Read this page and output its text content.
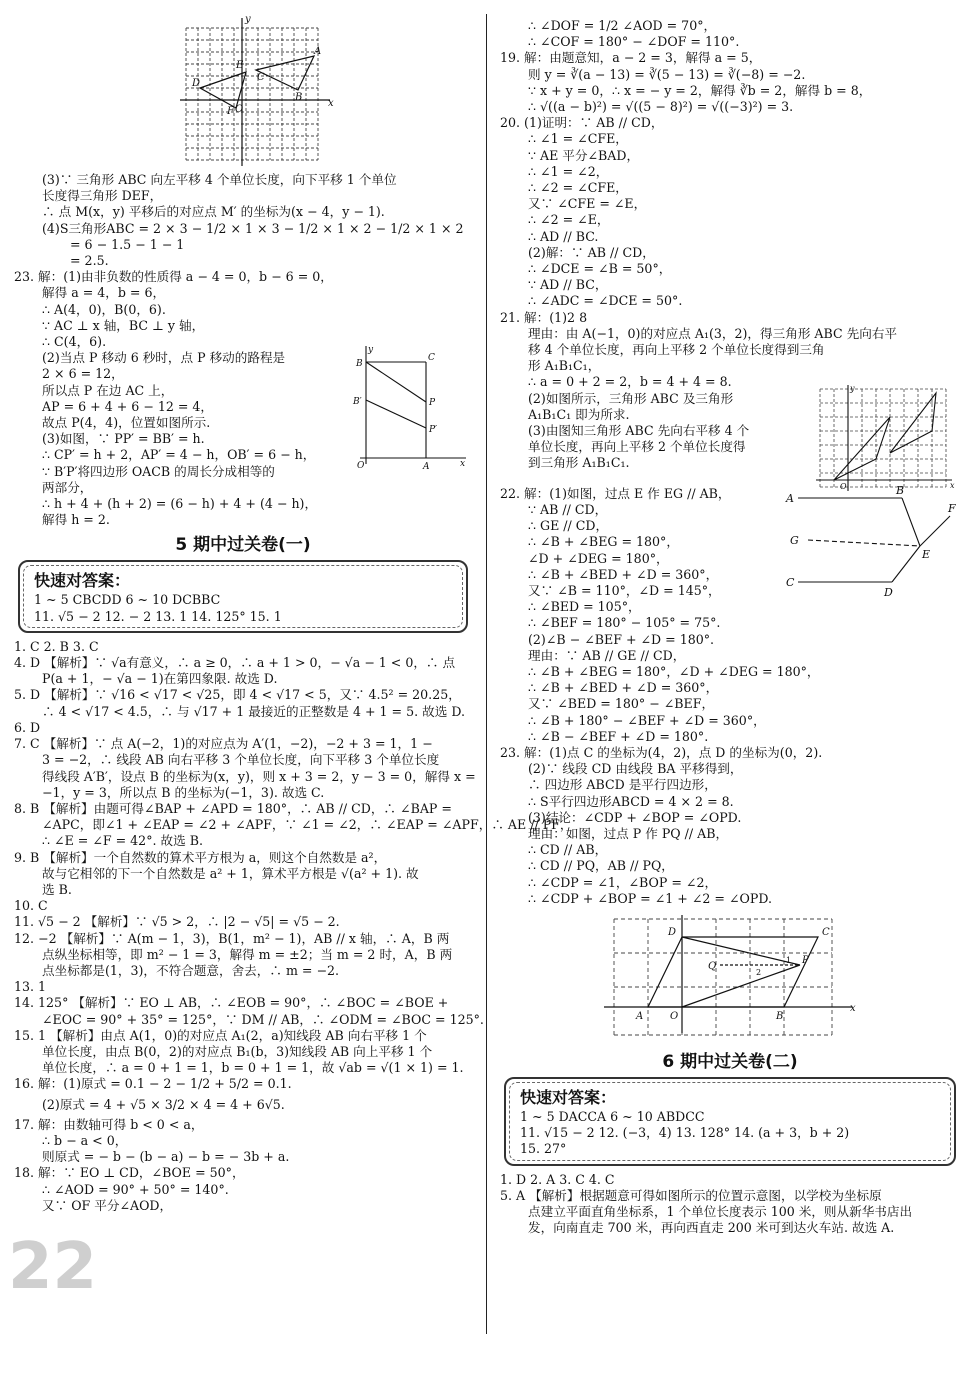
y
x
A
B
C
D
E
F O
(3)∵ 三角形 ABC 向左平移 4 个单位长度，向下平移 1 个单位
长度得三角形 DEF，
∴ 点 M(x，y) 平移后的对应点 M′ 的坐标为(x − 4，y − 1).
(4)S三角形ABC = 2 × 3 − 1/2 × 1 × 3 − 1/2 × 1 × 2 − 1/2 × 1 × 2
= 6 − 1.5 − 1 − 1
= 2.5.
23. 解：(1)由非负数的性质得 a − 4 = 0，b − 6 = 0，
解得 a = 4，b = 6，
∴ A(4，0)，B(0，6).
∵ AC ⊥ x 轴，BC ⊥ y 轴，
∴ C(4，6).
(2)当点 P 移动 6 秒时，点 P 移动的路程是
2 × 6 = 12，
所以点 P 在边 AC 上，
AP = 6 + 4 + 6 − 12 = 4，
故点 P(4，4)，位置如图所示.
(3)如图，∵ PP′ = BB′ = h.
∴ CP′ = h + 2，AP′ = 4 − h，OB′ = 6 − h，
∵ B′P′将四边形 OACB 的周长分成相等的
两部分，
∴ h + 4 + (h + 2) = (6 − h) + 4 + (4 − h)，
解得 h = 2.
y
x
O	A
B
C
P
B′
P′
5 期中过关卷(一)
快速对答案：
1 ~ 5 CBCDD 6 ~ 10 DCBBC
11. √5 − 2 12. − 2 13. 1 14. 125° 15. 1
1. C 2. B 3. C
4. D 【解析】∵ √a有意义，∴ a ≥ 0，∴ a + 1 > 0，− √a − 1 < 0，∴ 点
P(a + 1，− √a − 1)在第四象限. 故选 D.
5. D 【解析】∵ √16 < √17 < √25，即 4 < √17 < 5，又∵ 4.5² = 20.25，
∴ 4 < √17 < 4.5，∴ 与 √17 + 1 最接近的正整数是 4 + 1 = 5. 故选 D.
6. D
7. C 【解析】∵ 点 A(−2，1)的对应点为 A′(1，−2)，−2 + 3 = 1，1 −
3 = −2，∴ 线段 AB 向右平移 3 个单位长度，向下平移 3 个单位长度
得线段 A′B′，设点 B 的坐标为(x，y)，则 x + 3 = 2，y − 3 = 0，解得 x =
−1，y = 3，所以点 B 的坐标为(−1，3). 故选 C.
8. B 【解析】由题可得∠BAP + ∠APD = 180°，∴ AB // CD，∴ ∠BAP =
∠APC，即∠1 + ∠EAP = ∠2 + ∠APF，∵ ∠1 = ∠2，∴ ∠EAP = ∠APF，∴ AE // PF，
∴ ∠E = ∠F = 42°. 故选 B.
9. B 【解析】一个自然数的算术平方根为 a，则这个自然数是 a²，
故与它相邻的下一个自然数是 a² + 1，算术平方根是 √(a² + 1). 故
选 B.
10. C
11. √5 − 2 【解析】∵ √5 > 2，∴ |2 − √5| = √5 − 2.
12. −2 【解析】∵ A(m − 1，3)，B(1，m² − 1)，AB // x 轴，∴ A，B 两
点纵坐标相等，即 m² − 1 = 3，解得 m = ±2；当 m = 2 时，A，B 两
点坐标都是(1，3)，不符合题意，舍去，∴ m = −2.
13. 1
14. 125° 【解析】∵ EO ⊥ AB，∴ ∠EOB = 90°，∴ ∠BOC = ∠BOE +
∠EOC = 90° + 35° = 125°，∵ DM // AB，∴ ∠ODM = ∠BOC = 125°.
15. 1 【解析】由点 A(1，0)的对应点 A₁(2，a)知线段 AB 向右平移 1 个
单位长度，由点 B(0，2)的对应点 B₁(b，3)知线段 AB 向上平移 1 个
单位长度，∴ a = 0 + 1 = 1，b = 0 + 1 = 1，故 √ab = √(1 × 1) = 1.
16. 解：(1)原式 = 0.1 − 2 − 1/2 + 5/2 = 0.1.
(2)原式 = 4 + √5 × 3/2 × 4 = 4 + 6√5.
17. 解：由数轴可得 b < 0 < a，
∴ b − a < 0，
则原式 = − b − (b − a) − b = − 3b + a.
18. 解：∵ EO ⊥ CD，∠BOE = 50°，
∴ ∠AOD = 90° + 50° = 140°.
又∵ OF 平分∠AOD，
22
∴ ∠DOF = 1/2 ∠AOD = 70°，
∴ ∠COF = 180° − ∠DOF = 110°.
19. 解：由题意知，a − 2 = 3，解得 a = 5，
则 y = ∛(a − 13) = ∛(5 − 13) = ∛(−8) = −2.
∵ x + y = 0，∴ x = − y = 2，解得 ∛b = 2，解得 b = 8，
∴ √((a − b)²) = √((5 − 8)²) = √((−3)²) = 3.
20. (1)证明：∵ AB // CD，
∴ ∠1 = ∠CFE，
∵ AE 平分∠BAD，
∴ ∠1 = ∠2，
∴ ∠2 = ∠CFE，
又∵ ∠CFE = ∠E，
∴ ∠2 = ∠E，
∴ AD // BC.
(2)解：∵ AB // CD，
∴ ∠DCE = ∠B = 50°，
∵ AD // BC，
∴ ∠ADC = ∠DCE = 50°.
21. 解：(1)2 8
理由：由 A(−1，0)的对应点 A₁(3，2)，得三角形 ABC 先向右平
移 4 个单位长度，再向上平移 2 个单位长度得到三角
形 A₁B₁C₁，
∴ a = 0 + 2 = 2，b = 4 + 4 = 8.
(2)如图所示，三角形 ABC 及三角形
A₁B₁C₁ 即为所求.
(3)由图知三角形 ABC 先向右平移 4 个
单位长度，再向上平移 2 个单位长度得
到三角形 A₁B₁C₁.
y
x
O
22. 解：(1)如图，过点 E 作 EG // AB，
∵ AB // CD，
∴ GE // CD，
∴ ∠B + ∠BEG = 180°，
∠D + ∠DEG = 180°，
∴ ∠B + ∠BED + ∠D = 360°，
又∵ ∠B = 110°，∠D = 145°，
∴ ∠BED = 105°，
∴ ∠BEF = 180° − 105° = 75°.
(2)∠B − ∠BEF + ∠D = 180°.
理由：∵ AB // GE // CD，
∴ ∠B + ∠BEG = 180°，∠D + ∠DEG = 180°，
∴ ∠B + ∠BED + ∠D = 360°，
又∵ ∠BED = 180° − ∠BEF，
∴ ∠B + 180° − ∠BEF + ∠D = 360°，
∴ ∠B − ∠BEF + ∠D = 180°.
23. 解：(1)点 C 的坐标为(4，2)，点 D 的坐标为(0，2).
(2)∵ 线段 CD 由线段 BA 平移得到，
∴ 四边形 ABCD 是平行四边形，
∴ S平行四边形ABCD = 4 × 2 = 8.
(3)结论：∠CDP + ∠BOP = ∠OPD.
理由：如图，过点 P 作 PQ // AB，
∴ CD // AB，
∴ CD // PQ，AB // PQ，
∴ ∠CDP = ∠1，∠BOP = ∠2，
∴ ∠CDP + ∠BOP = ∠1 + ∠2 = ∠OPD.
A
B
G
E
F
C
D
D	C
Q
P
1
2
A	O	B
x
6 期中过关卷(二)
快速对答案：
1 ~ 5 DACCA 6 ~ 10 ABDCC
11. √15 − 2 12. (−3，4) 13. 128° 14. (a + 3，b + 2)
15. 27°
1. D 2. A 3. C 4. C
5. A 【解析】根据题意可得如图所示的位置示意图，以学校为坐标原
点建立平面直角坐标系，1 个单位长度表示 100 米，则从新华书店出
发，向南直走 700 米，再向西直走 200 米可到达火车站. 故选 A.
